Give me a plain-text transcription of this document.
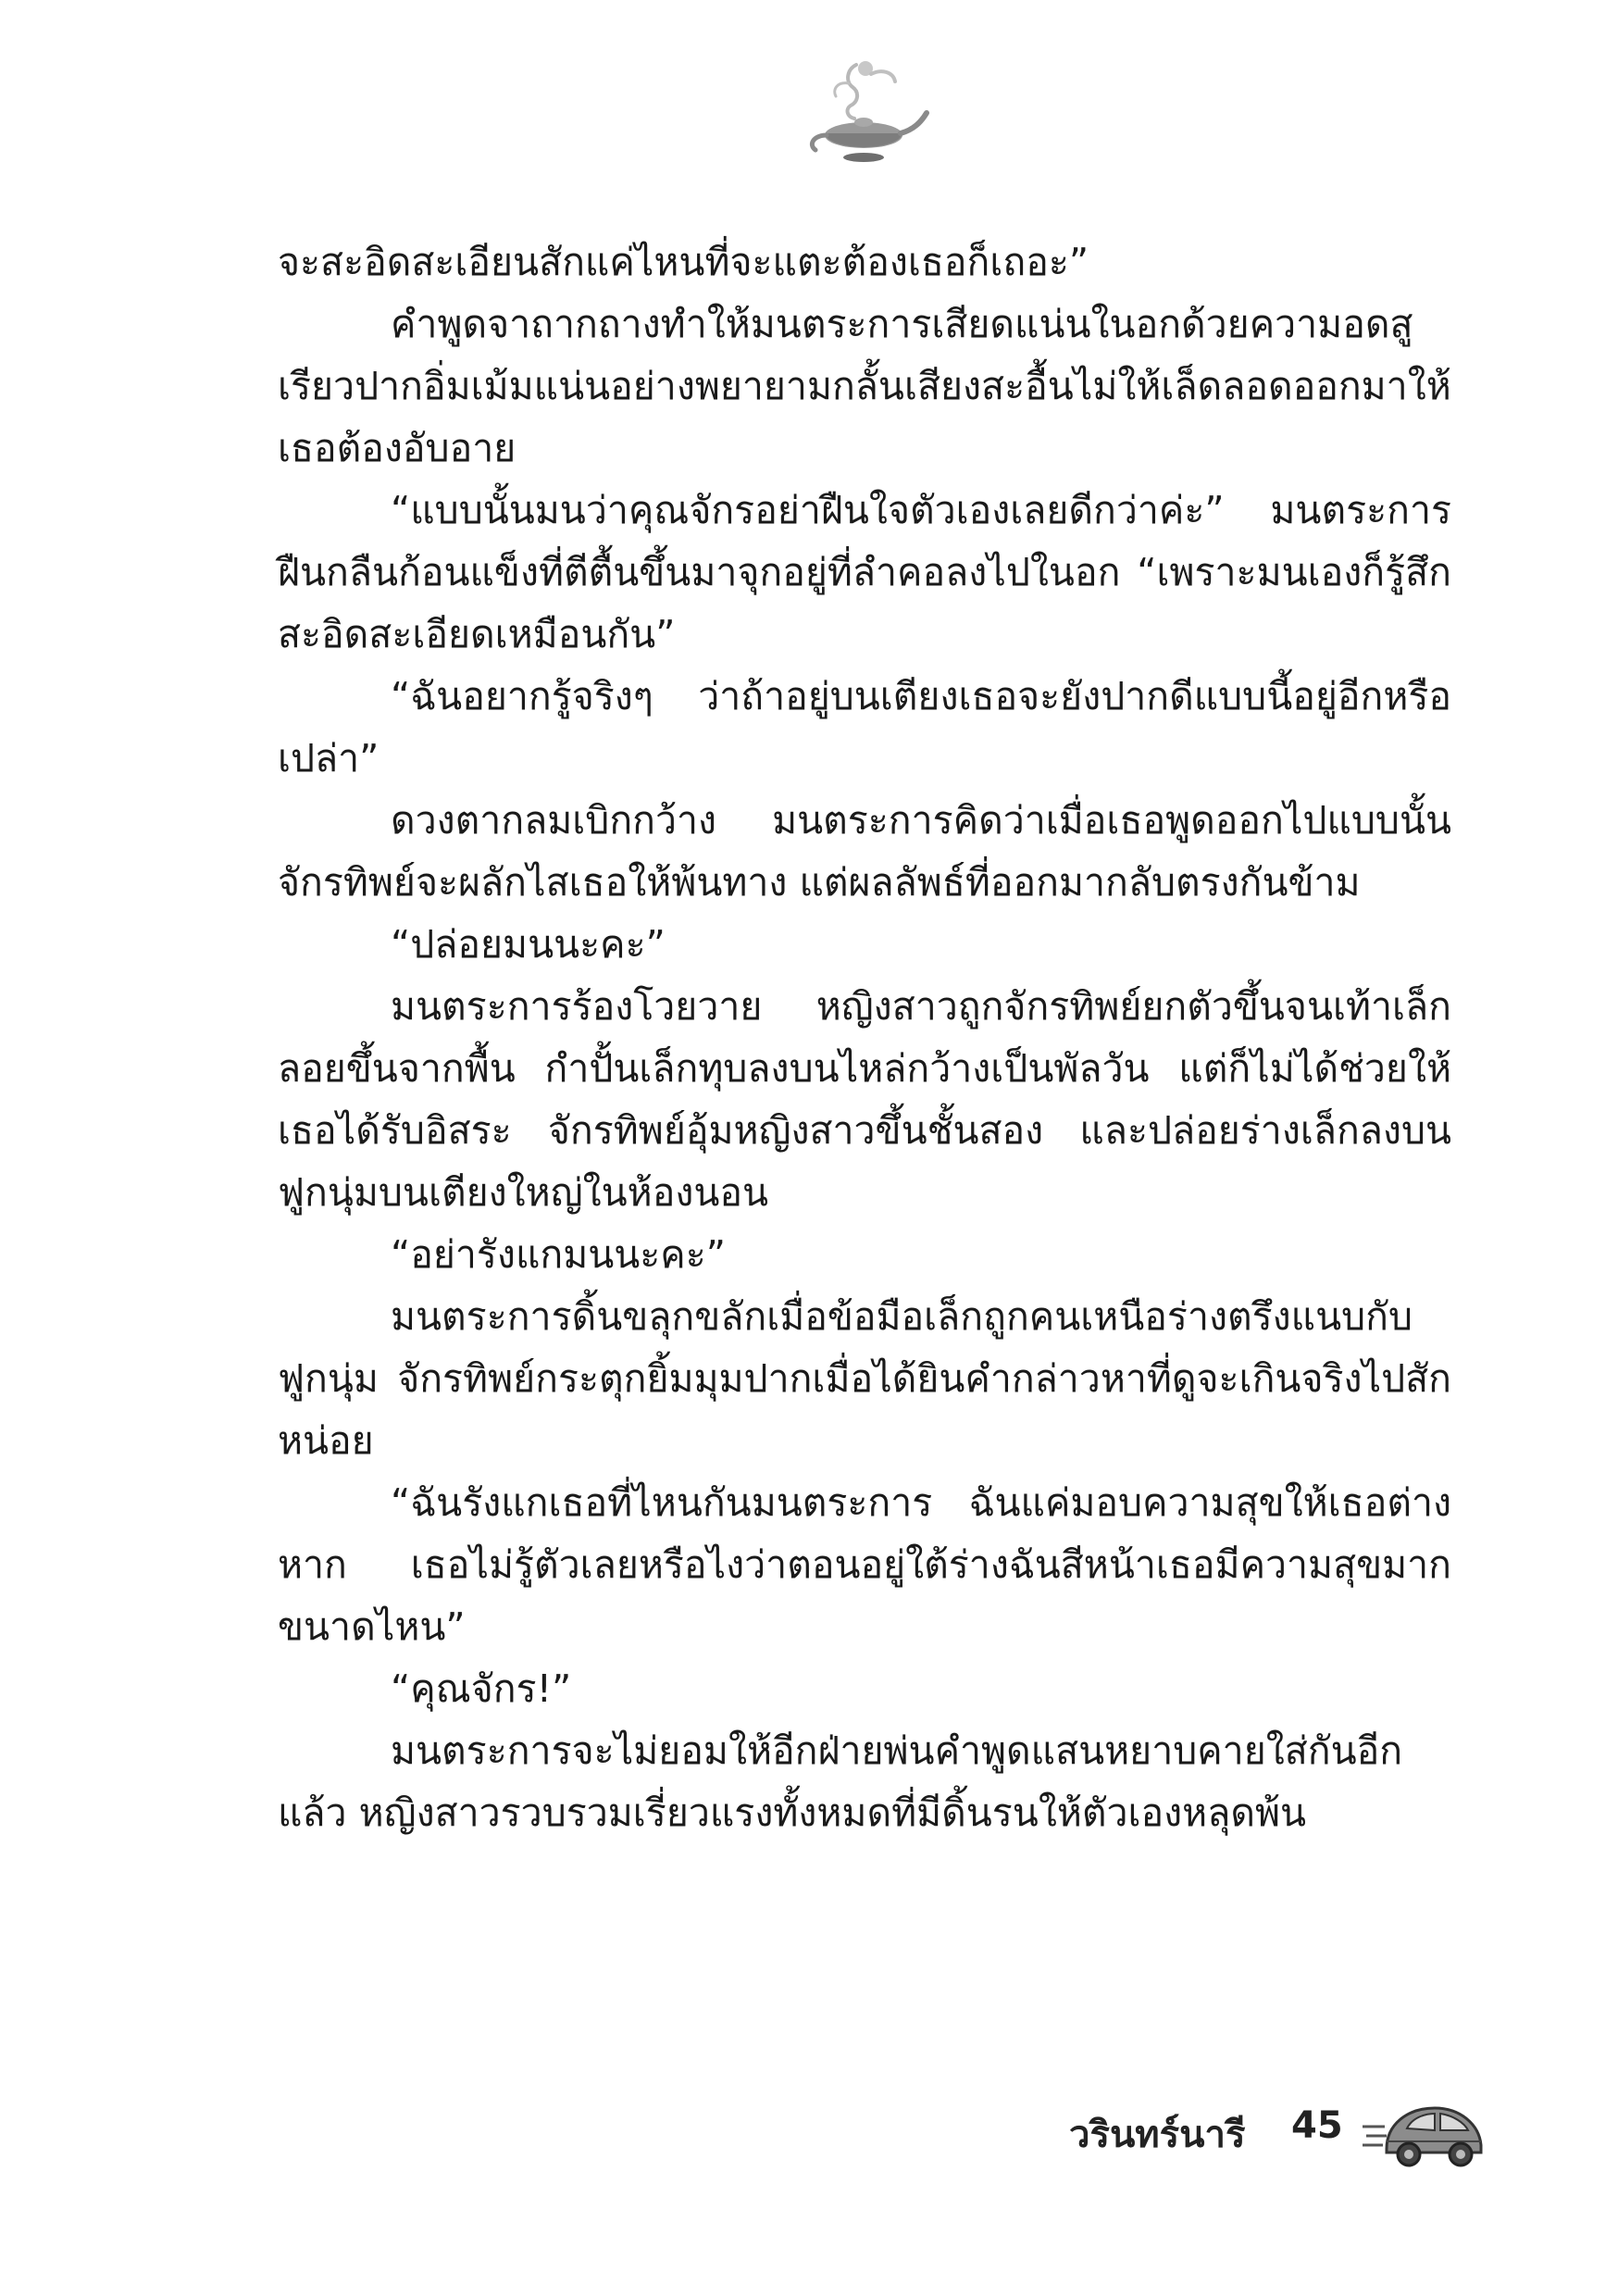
จะสะอิดสะเอียนสักแค่ไหนที่จะแตะต้องเธอก็เถอะ”

คำพูดจาถากถางทำให้มนตระการเสียดแน่นในอกด้วยความอดสูเรียวปากอิ่มเม้มแน่นอย่างพยายามกลั้นเสียงสะอื้นไม่ให้เล็ดลอดออกมาให้เธอต้องอับอาย

“แบบนั้นมนว่าคุณจักรอย่าฝืนใจตัวเองเลยดีกว่าค่ะ” มนตระการฝืนกลืนก้อนแข็งที่ตีตื้นขึ้นมาจุกอยู่ที่ลำคอลงไปในอก “เพราะมนเองก็รู้สึกสะอิดสะเอียดเหมือนกัน”

“ฉันอยากรู้จริงๆ ว่าถ้าอยู่บนเตียงเธอจะยังปากดีแบบนี้อยู่อีกหรือเปล่า”

ดวงตากลมเบิกกว้าง มนตระการคิดว่าเมื่อเธอพูดออกไปแบบนั้นจักรทิพย์จะผลักไสเธอให้พ้นทาง แต่ผลลัพธ์ที่ออกมากลับตรงกันข้าม

“ปล่อยมนนะคะ”

มนตระการร้องโวยวาย หญิงสาวถูกจักรทิพย์ยกตัวขึ้นจนเท้าเล็กลอยขึ้นจากพื้น กำปั้นเล็กทุบลงบนไหล่กว้างเป็นพัลวัน แต่ก็ไม่ได้ช่วยให้เธอได้รับอิสระ จักรทิพย์อุ้มหญิงสาวขึ้นชั้นสอง และปล่อยร่างเล็กลงบนฟูกนุ่มบนเตียงใหญ่ในห้องนอน

“อย่ารังแกมนนะคะ”

มนตระการดิ้นขลุกขลักเมื่อข้อมือเล็กถูกคนเหนือร่างตรึงแนบกับฟูกนุ่ม จักรทิพย์กระตุกยิ้มมุมปากเมื่อได้ยินคำกล่าวหาที่ดูจะเกินจริงไปสักหน่อย

“ฉันรังแกเธอที่ไหนกันมนตระการ ฉันแค่มอบความสุขให้เธอต่างหาก เธอไม่รู้ตัวเลยหรือไงว่าตอนอยู่ใต้ร่างฉันสีหน้าเธอมีความสุขมากขนาดไหน”

“คุณจักร!”

มนตระการจะไม่ยอมให้อีกฝ่ายพ่นคำพูดแสนหยาบคายใส่กันอีกแล้ว หญิงสาวรวบรวมเรี่ยวแรงทั้งหมดที่มีดิ้นรนให้ตัวเองหลุดพ้น

วรินทร์นารี 45
